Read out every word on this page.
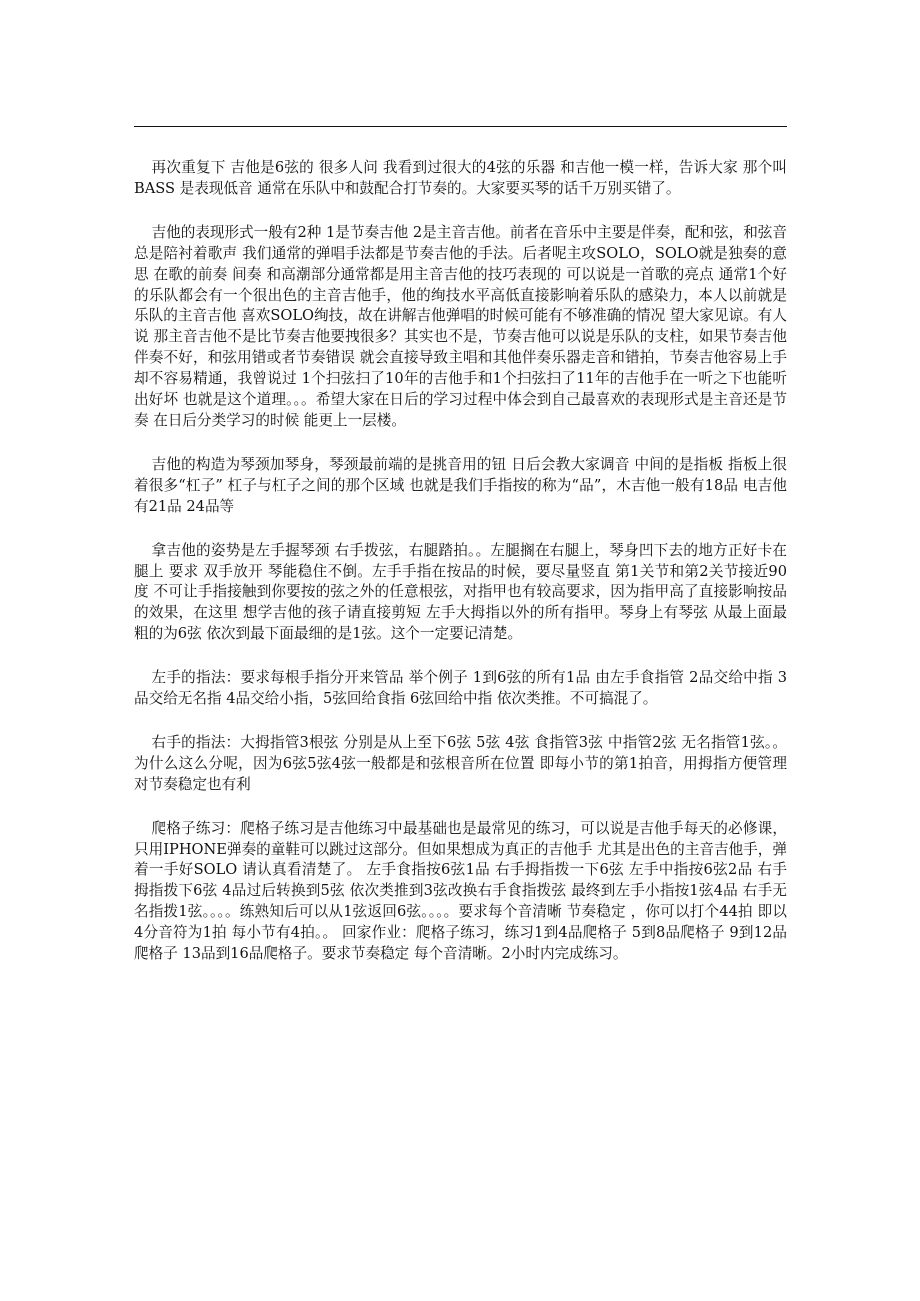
再次重复下 吉他是6弦的 很多人问 我看到过很大的4弦的乐器 和吉他一模一样，告诉大家 那个叫BASS 是表现低音 通常在乐队中和鼓配合打节奏的。大家要买琴的话千万别买错了。

吉他的表现形式一般有2种 1是节奏吉他 2是主音吉他。前者在音乐中主要是伴奏，配和弦，和弦音总是陪衬着歌声 我们通常的弹唱手法都是节奏吉他的手法。后者呢主攻SOLO，SOLO就是独奏的意思 在歌的前奏 间奏 和高潮部分通常都是用主音吉他的技巧表现的 可以说是一首歌的亮点 通常1个好的乐队都会有一个很出色的主音吉他手，他的绚技水平高低直接影响着乐队的感染力，本人以前就是乐队的主音吉他 喜欢SOLO绚技，故在讲解吉他弹唱的时候可能有不够准确的情况 望大家见谅。有人说 那主音吉他不是比节奏吉他要拽很多？其实也不是，节奏吉他可以说是乐队的支柱，如果节奏吉他伴奏不好，和弦用错或者节奏错误 就会直接导致主唱和其他伴奏乐器走音和错拍，节奏吉他容易上手却不容易精通，我曾说过 1个扫弦扫了10年的吉他手和1个扫弦扫了11年的吉他手在一听之下也能听出好坏 也就是这个道理。。。希望大家在日后的学习过程中体会到自己最喜欢的表现形式是主音还是节奏 在日后分类学习的时候 能更上一层楼。

吉他的构造为琴颈加琴身，琴颈最前端的是挑音用的钮 日后会教大家调音 中间的是指板 指板上很着很多“杠子” 杠子与杠子之间的那个区域 也就是我们手指按的称为“品”，木吉他一般有18品 电吉他有21品 24品等

拿吉他的姿势是左手握琴颈 右手拨弦，右腿踏拍。。左腿搁在右腿上，琴身凹下去的地方正好卡在腿上 要求 双手放开 琴能稳住不倒。左手手指在按品的时候，要尽量竖直 第1关节和第2关节接近90度 不可让手指接触到你要按的弦之外的任意根弦，对指甲也有较高要求，因为指甲高了直接影响按品的效果，在这里 想学吉他的孩子请直接剪短 左手大拇指以外的所有指甲。琴身上有琴弦 从最上面最粗的为6弦 依次到最下面最细的是1弦。这个一定要记清楚。

左手的指法：要求每根手指分开来管品 举个例子 1到6弦的所有1品 由左手食指管 2品交给中指 3品交给无名指 4品交给小指，5弦回给食指 6弦回给中指 依次类推。不可搞混了。

右手的指法：大拇指管3根弦 分别是从上至下6弦 5弦 4弦 食指管3弦 中指管2弦 无名指管1弦。。为什么这么分呢，因为6弦5弦4弦一般都是和弦根音所在位置 即每小节的第1拍音，用拇指方便管理 对节奏稳定也有利

爬格子练习：爬格子练习是吉他练习中最基础也是最常见的练习，可以说是吉他手每天的必修课，只用IPHONE弹奏的童鞋可以跳过这部分。但如果想成为真正的吉他手 尤其是出色的主音吉他手，弹着一手好SOLO 请认真看清楚了。 左手食指按6弦1品 右手拇指拨一下6弦 左手中指按6弦2品 右手拇指拨下6弦 4品过后转换到5弦 依次类推到3弦改换右手食指拨弦 最终到左手小指按1弦4品 右手无名指拨1弦。。。。练熟知后可以从1弦返回6弦。。。。要求每个音清晰 节奏稳定 ，你可以打个44拍 即以4分音符为1拍 每小节有4拍。。 回家作业：爬格子练习，练习1到4品爬格子 5到8品爬格子 9到12品爬格子 13品到16品爬格子。要求节奏稳定 每个音清晰。2小时内完成练习。
